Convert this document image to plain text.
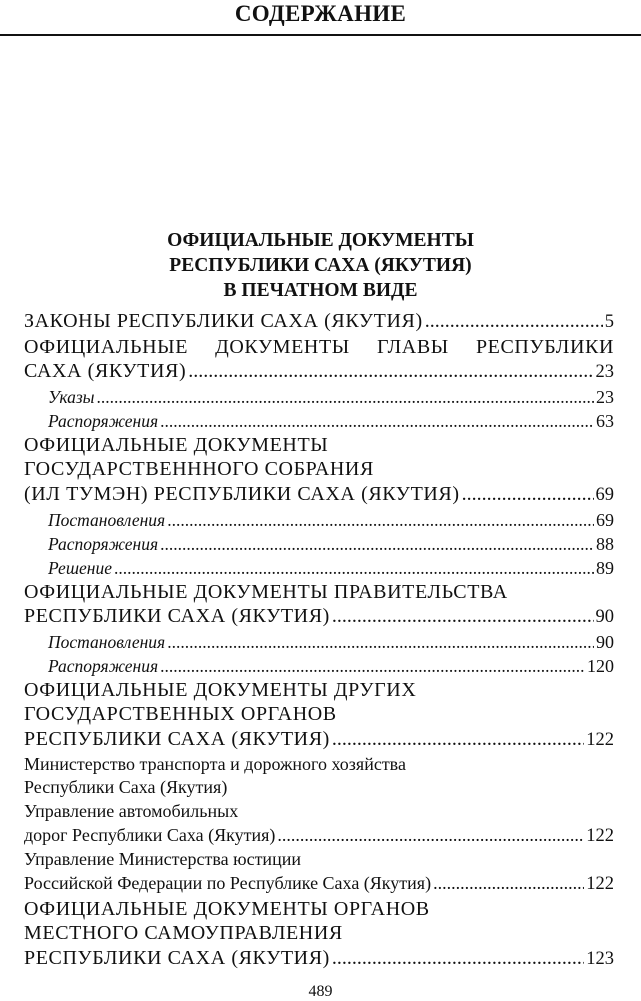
СОДЕРЖАНИЕ
ОФИЦИАЛЬНЫЕ ДОКУМЕНТЫ
РЕСПУБЛИКИ САХА (ЯКУТИЯ)
В ПЕЧАТНОМ ВИДЕ
ЗАКОНЫ РЕСПУБЛИКИ САХА (ЯКУТИЯ) .....	5
ОФИЦИАЛЬНЫЕ ДОКУМЕНТЫ ГЛАВЫ РЕСПУБЛИКИ
САХА (ЯКУТИЯ) .....	23
Указы .....	23
Распоряжения .....	63
ОФИЦИАЛЬНЫЕ ДОКУМЕНТЫ
ГОСУДАРСТВЕНННОГО СОБРАНИЯ
(ИЛ ТУМЭН) РЕСПУБЛИКИ САХА (ЯКУТИЯ) .....	69
Постановления .....	69
Распоряжения .....	88
Решение .....	89
ОФИЦИАЛЬНЫЕ ДОКУМЕНТЫ ПРАВИТЕЛЬСТВА
РЕСПУБЛИКИ САХА (ЯКУТИЯ) .....	90
Постановления .....	90
Распоряжения .....	120
ОФИЦИАЛЬНЫЕ ДОКУМЕНТЫ ДРУГИХ
ГОСУДАРСТВЕННЫХ ОРГАНОВ
РЕСПУБЛИКИ САХА (ЯКУТИЯ) .....	122
Министерство транспорта и дорожного хозяйства
Республики Саха (Якутия)
Управление автомобильных
дорог Республики Саха (Якутия) .....	122
Управление Министерства юстиции
Российской Федерации по Республике Саха (Якутия) .....	122
ОФИЦИАЛЬНЫЕ ДОКУМЕНТЫ ОРГАНОВ
МЕСТНОГО САМОУПРАВЛЕНИЯ
РЕСПУБЛИКИ САХА (ЯКУТИЯ) .....	123
489
